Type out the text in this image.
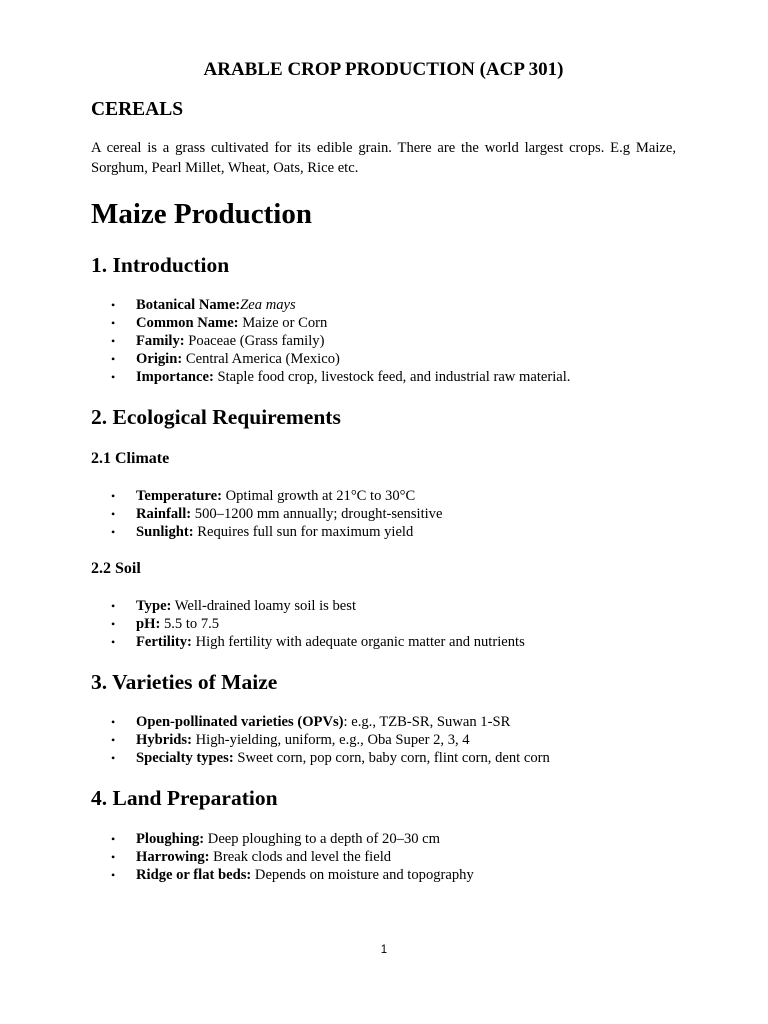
ARABLE CROP PRODUCTION (ACP 301)
CEREALS

A cereal is a grass cultivated for its edible grain. There are the world largest crops. E.g Maize, Sorghum, Pearl Millet, Wheat, Oats, Rice etc.

Maize Production
1. Introduction
• Botanical Name:Zea mays
• Common Name: Maize or Corn
• Family: Poaceae (Grass family)
• Origin: Central America (Mexico)
• Importance: Staple food crop, livestock feed, and industrial raw material.
2. Ecological Requirements
2.1 Climate
• Temperature: Optimal growth at 21°C to 30°C
• Rainfall: 500–1200 mm annually; drought-sensitive
• Sunlight: Requires full sun for maximum yield
2.2 Soil
• Type: Well-drained loamy soil is best
• pH: 5.5 to 7.5
• Fertility: High fertility with adequate organic matter and nutrients
3. Varieties of Maize
• Open-pollinated varieties (OPVs): e.g., TZB-SR, Suwan 1-SR
• Hybrids: High-yielding, uniform, e.g., Oba Super 2, 3, 4
• Specialty types: Sweet corn, pop corn, baby corn, flint corn, dent corn
4. Land Preparation
• Ploughing: Deep ploughing to a depth of 20–30 cm
• Harrowing: Break clods and level the field
• Ridge or flat beds: Depends on moisture and topography
1
